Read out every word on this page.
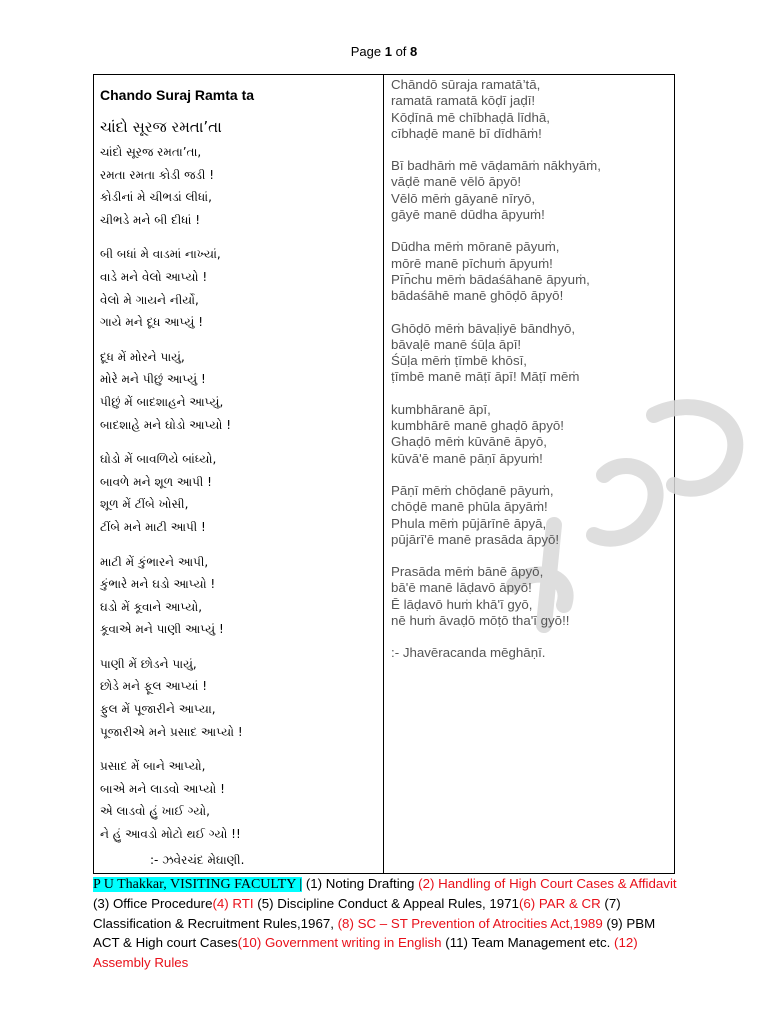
Page 1 of 8
Chando Suraj Ramta ta
ચાંદો સૂરજ રમતા’તા
ચાંદો સૂરજ રમતા’તા,
રમતા રમતા કોડી જડી !
કોડીનાં મે ચીભડાં લીધાં,
ચીભડે મને બી દીધાં !
બી બધાં મે વાડમાં નાખ્યાં,
વાડે મને વેલો આપ્યો !
વેલો મે ગાયને નીર્યો,
ગાયે મને દૂધ આપ્યું !
દૂધ મેં મોરને પાયું,
મોરે મને પીછું આપ્યું !
પીછું મેં બાદશાહને આપ્યું,
બાદશાહે મને ઘોડો આપ્યો !
ઘોડો મેં બાવળિયે બાંધ્યો,
બાવળે મને શૂળ આપી !
શૂળ મેં ટીંબે ખોસી,
ટીંબે મને માટી આપી !
માટી મેં કુંભારને આપી,
કુંભારે મને ઘડો આપ્યો !
ઘડો મેં કૂવાને આપ્યો,
કૂવાએ મને પાણી આપ્યું !
પાણી મેં છોડને પાયું,
છોડે મને ફૂલ આપ્યાં !
ફુલ મેં પૂજારીને આપ્યા,
પૂજારીએ મને પ્રસાદ આપ્યો !
પ્રસાદ મેં બાને આપ્યો,
બાએ મને લાડવો આપ્યો !
એ લાડવો હું ખાઈ ગ્યો,
ને હું આવડો મોટો થઈ ગ્યો !!
:- ઝવેરચંદ મેઘાણી.
Chāndō sūraja ramatā’tā,
ramatā ramatā kōḍī jaḍī!
Kōḍīnā mē chībhaḍā līdhā,
cībhaḍē manē bī dīdhāṁ!
Bī badhāṁ mē vāḍamāṁ nākhyāṁ,
vāḍē manē vēlō āpyō!
Vēlō mēṁ gāyanē nīryō,
gāyē manē dūdha āpyuṁ!
Dūdha mēṁ mōranē pāyuṁ,
mōrē manē pīchuṁ āpyuṁ!
Pīn̄chu mēṁ bādaśāhanē āpyuṁ,
bādaśāhē manē ghōḍō āpyō!
Ghōḍō mēṁ bāvaḷiyē bāndhyō,
bāvaḷē manē śūḷa āpī!
Śūḷa mēṁ ṭīmbē khōsī,
ṭīmbē manē māṭī āpī! Māṭī mēṁ
kumbhāranē āpī,
kumbhārē manē ghaḍō āpyō!
Ghaḍō mēṁ kūvānē āpyō,
kūvā'ē manē pāṇī āpyuṁ!
Pāṇī mēṁ chōḍanē pāyuṁ,
chōḍē manē phūla āpyāṁ!
Phula mēṁ pūjārīnē āpyā,
pūjārī'ē manē prasāda āpyō!
Prasāda mēṁ bānē āpyō,
bā'ē manē lāḍavō āpyō!
Ē lāḍavō huṁ khā'ī gyō,
nē huṁ āvaḍō mōṭō tha'ī gyō!!
:- Jhavēracanda mēghāṇī.
P U Thakkar, VISITING FACULTY | (1) Noting Drafting (2) Handling of High Court Cases & Affidavit (3) Office Procedure(4) RTI (5) Discipline Conduct & Appeal Rules, 1971(6) PAR & CR (7) Classification & Recruitment Rules,1967, (8) SC – ST Prevention of Atrocities Act,1989 (9) PBM ACT & High court Cases(10) Government writing in English (11) Team Management etc. (12) Assembly Rules
